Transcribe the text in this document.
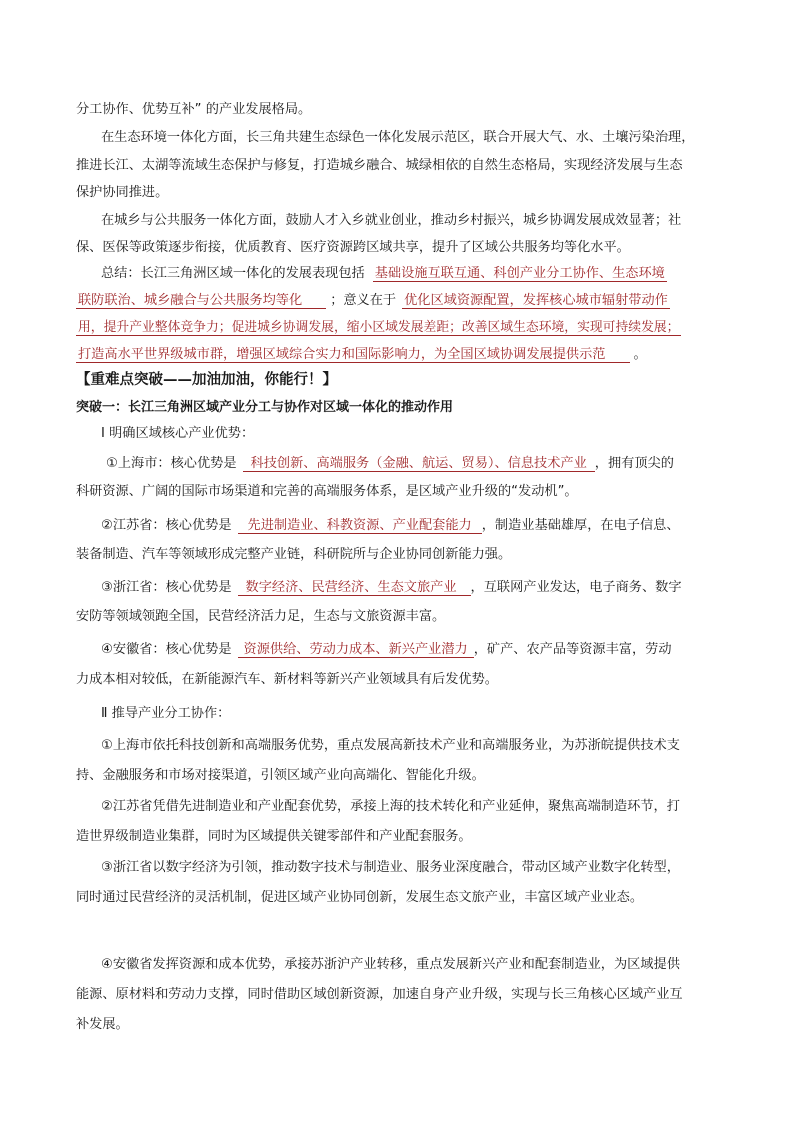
分工协作、优势互补” 的产业发展格局。
在生态环境一体化方面，长三角共建生态绿色一体化发展示范区，联合开展大气、水、土壤污染治理，
推进长江、太湖等流域生态保护与修复，打造城乡融合、城绿相依的自然生态格局，实现经济发展与生态
保护协同推进。
在城乡与公共服务一体化方面，鼓励人才入乡就业创业，推动乡村振兴，城乡协调发展成效显著；社
保、医保等政策逐步衔接，优质教育、医疗资源跨区域共享，提升了区域公共服务均等化水平。
总结：长江三角洲区域一体化的发展表现包括 基础设施互联互通、科创产业分工协作、生态环境
联防联治、城乡融合与公共服务均等化 ；意义在于 优化区域资源配置，发挥核心城市辐射带动作
用，提升产业整体竞争力；促进城乡协调发展，缩小区域发展差距；改善区域生态环境，实现可持续发展；
打造高水平世界级城市群，增强区域综合实力和国际影响力，为全国区域协调发展提供示范 。
【重难点突破——加油加油，你能行！】
突破一：长江三角洲区域产业分工与协作对区域一体化的推动作用
Ⅰ 明确区域核心产业优势：
①上海市：核心优势是 科技创新、高端服务（金融、航运、贸易）、信息技术产业 ，拥有顶尖的
科研资源、广阔的国际市场渠道和完善的高端服务体系，是区域产业升级的“发动机”。
②江苏省：核心优势是 先进制造业、科教资源、产业配套能力 ，制造业基础雄厚，在电子信息、
装备制造、汽车等领域形成完整产业链，科研院所与企业协同创新能力强。
③浙江省：核心优势是 数字经济、民营经济、生态文旅产业 ，互联网产业发达，电子商务、数字
安防等领域领跑全国，民营经济活力足，生态与文旅资源丰富。
④安徽省：核心优势是 资源供给、劳动力成本、新兴产业潜力 ，矿产、农产品等资源丰富，劳动
力成本相对较低，在新能源汽车、新材料等新兴产业领域具有后发优势。
Ⅱ 推导产业分工协作：
①上海市依托科技创新和高端服务优势，重点发展高新技术产业和高端服务业，为苏浙皖提供技术支
持、金融服务和市场对接渠道，引领区域产业向高端化、智能化升级。
②江苏省凭借先进制造业和产业配套优势，承接上海的技术转化和产业延伸，聚焦高端制造环节，打
造世界级制造业集群，同时为区域提供关键零部件和产业配套服务。
③浙江省以数字经济为引领，推动数字技术与制造业、服务业深度融合，带动区域产业数字化转型，
同时通过民营经济的灵活机制，促进区域产业协同创新，发展生态文旅产业，丰富区域产业业态。
④安徽省发挥资源和成本优势，承接苏浙沪产业转移，重点发展新兴产业和配套制造业，为区域提供
能源、原材料和劳动力支撑，同时借助区域创新资源，加速自身产业升级，实现与长三角核心区域产业互
补发展。
